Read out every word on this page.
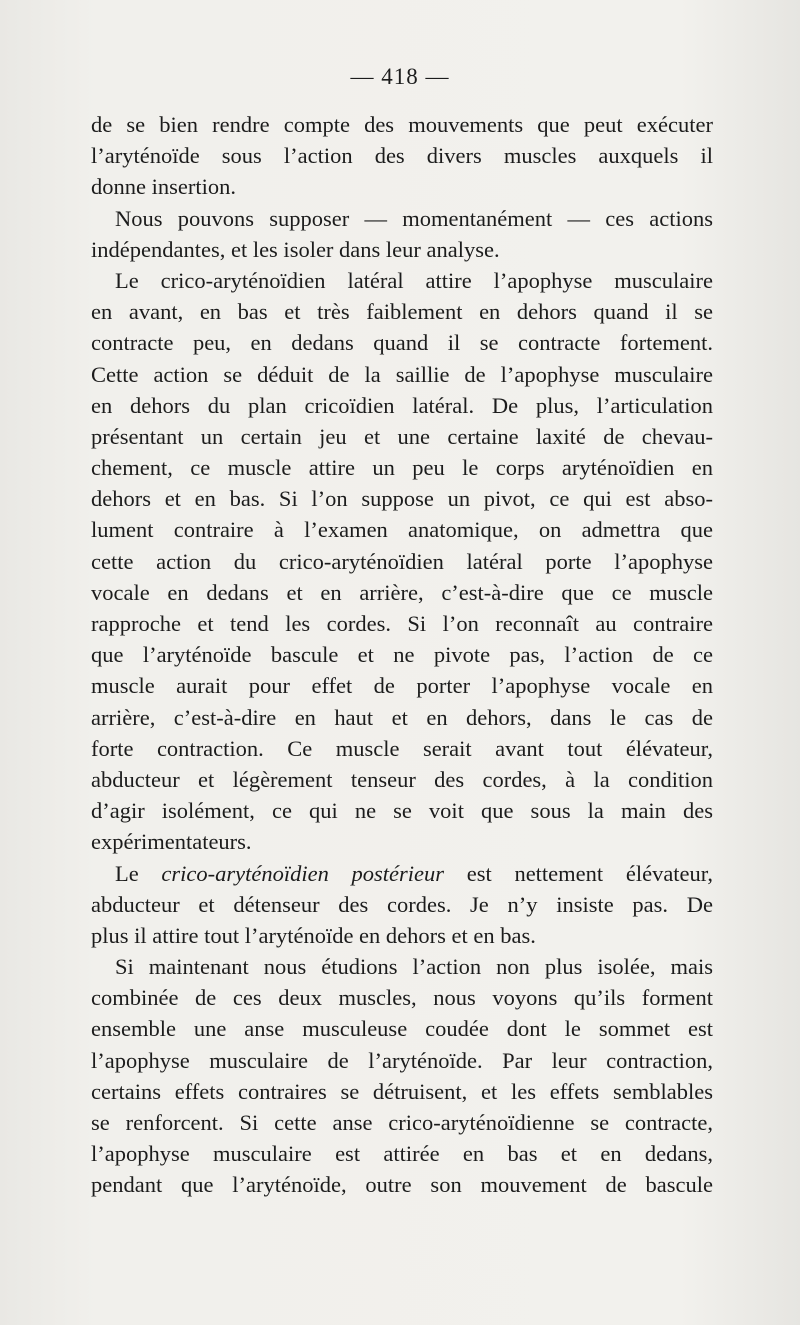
— 418 —
de se bien rendre compte des mouvements que peut exécuter
l’aryténoïde sous l’action des divers muscles auxquels il
donne insertion.
Nous pouvons supposer — momentanément — ces actions
indépendantes, et les isoler dans leur analyse.
Le crico-aryténoïdien latéral attire l’apophyse musculaire
en avant, en bas et très faiblement en dehors quand il se
contracte peu, en dedans quand il se contracte fortement.
Cette action se déduit de la saillie de l’apophyse musculaire
en dehors du plan cricoïdien latéral. De plus, l’articulation
présentant un certain jeu et une certaine laxité de chevau-
chement, ce muscle attire un peu le corps aryténoïdien en
dehors et en bas. Si l’on suppose un pivot, ce qui est abso-
lument contraire à l’examen anatomique, on admettra que
cette action du crico-aryténoïdien latéral porte l’apophyse
vocale en dedans et en arrière, c’est-à-dire que ce muscle
rapproche et tend les cordes. Si l’on reconnaît au contraire
que l’aryténoïde bascule et ne pivote pas, l’action de ce
muscle aurait pour effet de porter l’apophyse vocale en
arrière, c’est-à-dire en haut et en dehors, dans le cas de
forte contraction. Ce muscle serait avant tout élévateur,
abducteur et légèrement tenseur des cordes, à la condition
d’agir isolément, ce qui ne se voit que sous la main des
expérimentateurs.
Le crico-aryténoïdien postérieur est nettement élévateur,
abducteur et détenseur des cordes. Je n’y insiste pas. De
plus il attire tout l’aryténoïde en dehors et en bas.
Si maintenant nous étudions l’action non plus isolée, mais
combinée de ces deux muscles, nous voyons qu’ils forment
ensemble une anse musculeuse coudée dont le sommet est
l’apophyse musculaire de l’aryténoïde. Par leur contraction,
certains effets contraires se détruisent, et les effets semblables
se renforcent. Si cette anse crico-aryténoïdienne se contracte,
l’apophyse musculaire est attirée en bas et en dedans,
pendant que l’aryténoïde, outre son mouvement de bascule
